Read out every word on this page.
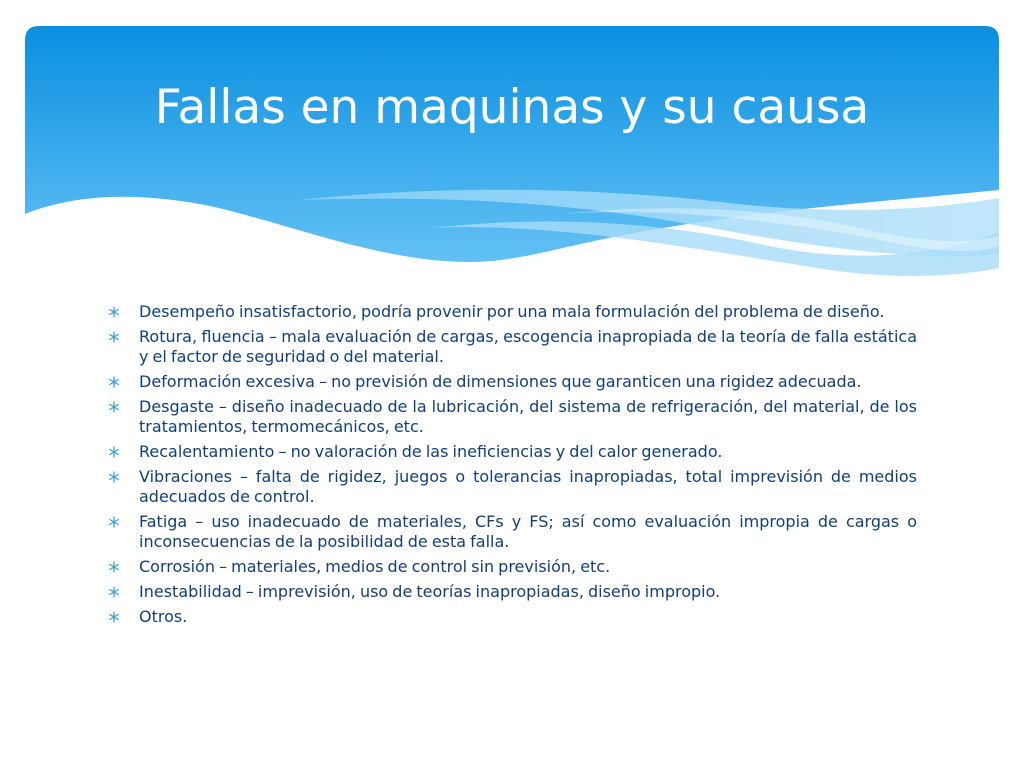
Fallas en maquinas y su causa
Desempeño insatisfactorio, podría provenir por una mala formulación del problema de diseño.
Rotura, fluencia – mala evaluación de cargas, escogencia inapropiada de la teoría de falla estática y el factor de seguridad o del material.
Deformación excesiva – no previsión de dimensiones que garanticen una rigidez adecuada.
Desgaste – diseño inadecuado de la lubricación, del sistema de refrigeración, del material, de los tratamientos, termomecánicos, etc.
Recalentamiento – no valoración de las ineficiencias y del calor generado.
Vibraciones – falta de rigidez, juegos o tolerancias inapropiadas, total imprevisión de medios adecuados de control.
Fatiga – uso inadecuado de materiales, CFs y FS; así como evaluación impropia de cargas o inconsecuencias de la posibilidad de esta falla.
Corrosión – materiales, medios de control sin previsión, etc.
Inestabilidad – imprevisión, uso de teorías inapropiadas, diseño impropio.
Otros.
